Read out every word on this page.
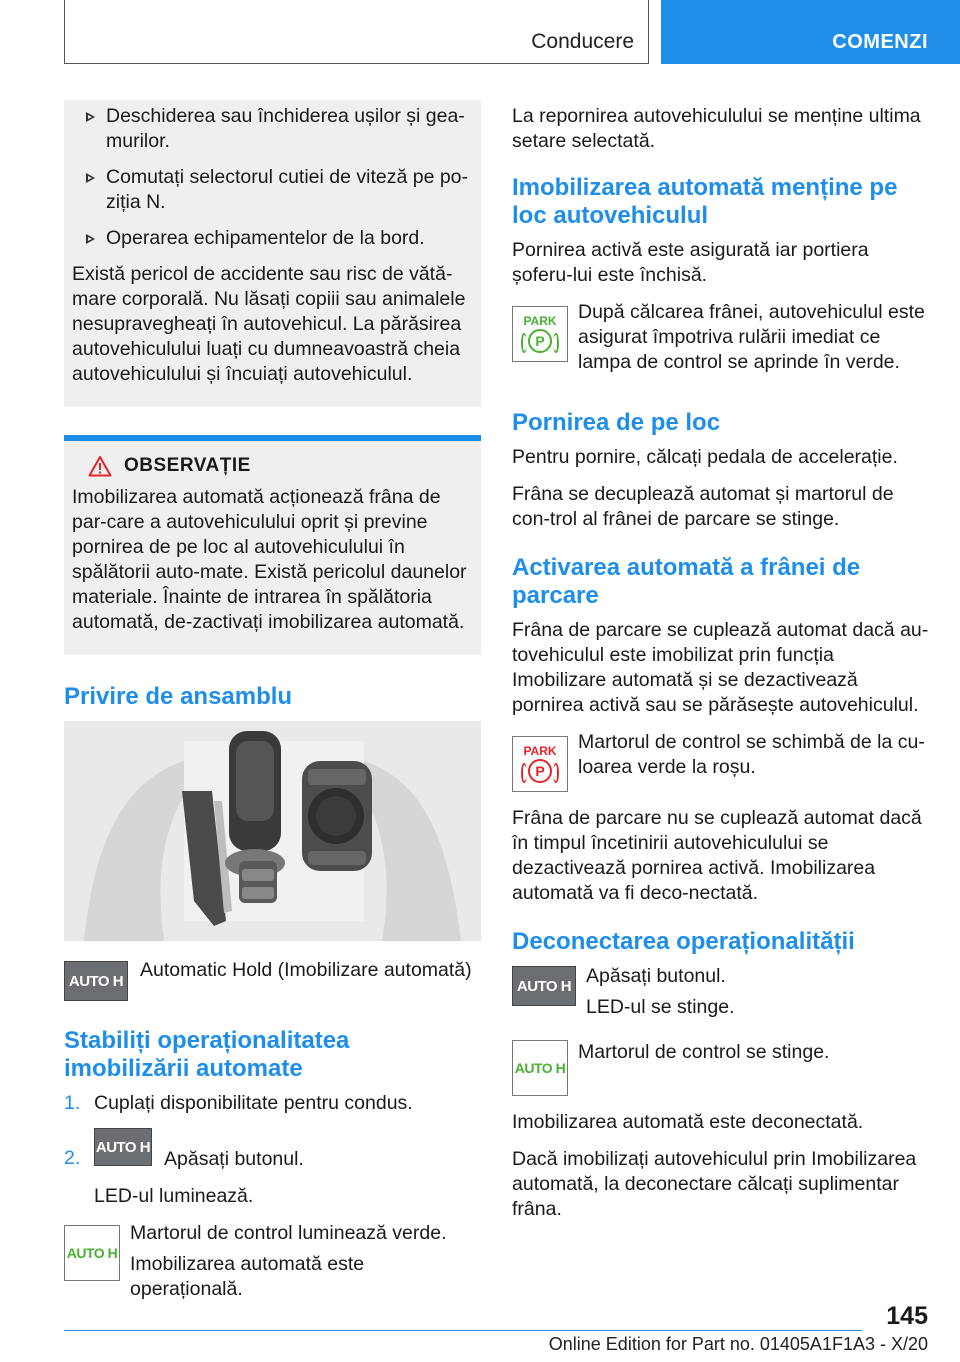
Conducere	COMENZI
Deschiderea sau închiderea ușilor și gea-murilor.
Comutați selectorul cutiei de viteză pe po-ziția N.
Operarea echipamentelor de la bord.

Există pericol de accidente sau risc de vătă-mare corporală. Nu lăsați copiii sau animalele nesupravegheați în autovehicul. La părăsirea autovehiculului luați cu dumneavoastră cheia autovehiculului și încuiați autovehiculul.

OBSERVAȚIE

Imobilizarea automată acționează frâna de par-care a autovehiculului oprit și previne pornirea de pe loc al autovehiculului în spălătorii auto-mate. Există pericolul daunelor materiale. Înainte de intrarea în spălătoria automată, de-zactivați imobilizarea automată.

Privire de ansamblu
AUTO H Automatic Hold (Imobilizare automată)

Stabiliți operaționalitatea imobilizării automate
1. Cuplați disponibilitate pentru condus.
2. AUTO H
Apăsați butonul.

LED-ul luminează.

AUTO H

Martorul de control luminează verde.

Imobilizarea automată este operațională.

La repornirea autovehiculului se menține ultima setare selectată.

Imobilizarea automată menține pe loc autovehiculul

Pornirea activă este asigurată iar portiera șoferu-lui este închisă.

PARK
P

După călcarea frânei, autovehiculul este asigurat împotriva rulării imediat ce lampa de control se aprinde în verde.

Pornirea de pe loc

Pentru pornire, călcați pedala de accelerație.

Frâna se decuplează automat și martorul de con-trol al frânei de parcare se stinge.

Activarea automată a frânei de parcare

Frâna de parcare se cuplează automat dacă au-tovehiculul este imobilizat prin funcția Imobilizare automată și se dezactivează pornirea activă sau se părăsește autovehiculul.

PARK
P

Martorul de control se schimbă de la cu-loarea verde la roșu.

Frâna de parcare nu se cuplează automat dacă în timpul încetinirii autovehiculului se dezactivează pornirea activă. Imobilizarea automată va fi deco-nectată.

Deconectarea operaționalității
AUTO H Apăsați butonul.

LED-ul se stinge.

AUTO H

Martorul de control se stinge.

Imobilizarea automată este deconectată.

Dacă imobilizați autovehiculul prin Imobilizarea automată, la deconectare călcați suplimentar frâna.

145
Online Edition for Part no. 01405A1F1A3 - X/20
